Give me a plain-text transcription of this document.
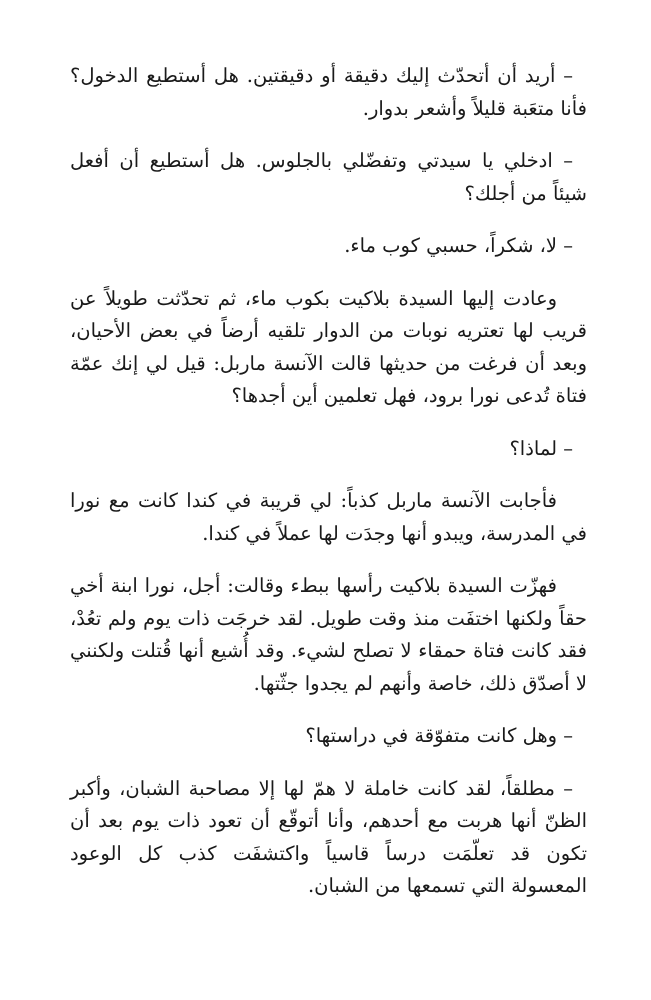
– أريد أن أتحدّث إليك دقيقة أو دقيقتين. هل أستطيع الدخول؟ فأنا متعَبة قليلاً وأشعر بدوار.

– ادخلي يا سيدتي وتفضّلي بالجلوس. هل أستطيع أن أفعل شيئاً من أجلك؟

– لا، شكراً، حسبي كوب ماء.

وعادت إليها السيدة بلاكيت بكوب ماء، ثم تحدّثت طويلاً عن قريب لها تعتريه نوبات من الدوار تلقيه أرضاً في بعض الأحيان، وبعد أن فرغت من حديثها قالت الآنسة ماربل: قيل لي إنك عمّة فتاة تُدعى نورا برود، فهل تعلمين أين أجدها؟

– لماذا؟

فأجابت الآنسة ماربل كذباً: لي قريبة في كندا كانت مع نورا في المدرسة، ويبدو أنها وجدَت لها عملاً في كندا.

فهزّت السيدة بلاكيت رأسها ببطء وقالت: أجل، نورا ابنة أخي حقاً ولكنها اختفَت منذ وقت طويل. لقد خرجَت ذات يوم ولم تعُدْ، فقد كانت فتاة حمقاء لا تصلح لشيء. وقد أُشيع أنها قُتلت ولكنني لا أصدّق ذلك، خاصة وأنهم لم يجدوا جثّتها.

– وهل كانت متفوّقة في دراستها؟

– مطلقاً، لقد كانت خاملة لا همّ لها إلا مصاحبة الشبان، وأكبر الظنّ أنها هربت مع أحدهم، وأنا أتوقّع أن تعود ذات يوم بعد أن تكون قد تعلّمَت درساً قاسياً واكتشفَت كذب كل الوعود المعسولة التي تسمعها من الشبان.
